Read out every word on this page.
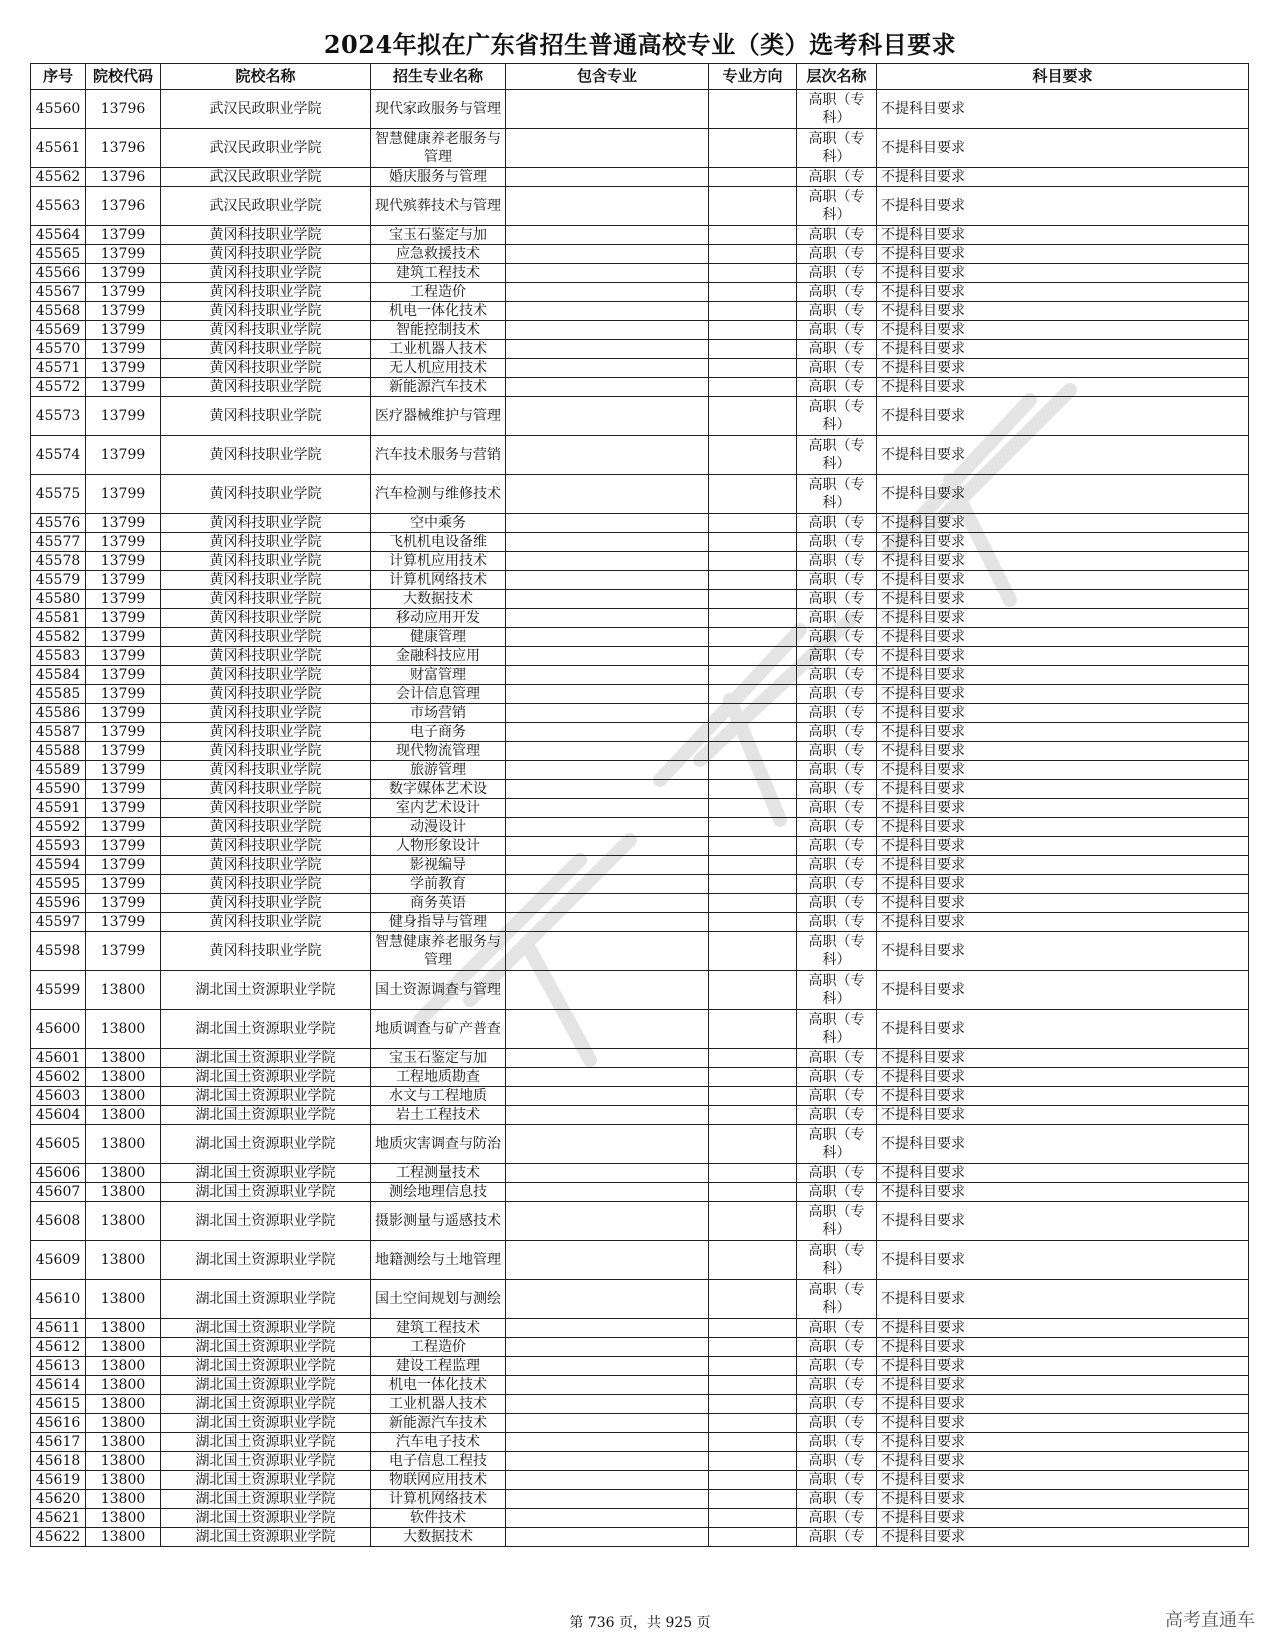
2024年拟在广东省招生普通高校专业（类）选考科目要求
序号	院校代码	院校名称	招生专业名称	包含专业	专业方向	层次名称	科目要求
45560	13796	武汉民政职业学院	现代家政服务与管理			高职（专科）	不提科目要求
45561	13796	武汉民政职业学院	智慧健康养老服务与管理			高职（专科）	不提科目要求
45562	13796	武汉民政职业学院	婚庆服务与管理			高职（专	不提科目要求
45563	13796	武汉民政职业学院	现代殡葬技术与管理			高职（专科）	不提科目要求
45564	13799	黄冈科技职业学院	宝玉石鉴定与加			高职（专	不提科目要求
45565	13799	黄冈科技职业学院	应急救援技术			高职（专	不提科目要求
45566	13799	黄冈科技职业学院	建筑工程技术			高职（专	不提科目要求
45567	13799	黄冈科技职业学院	工程造价			高职（专	不提科目要求
45568	13799	黄冈科技职业学院	机电一体化技术			高职（专	不提科目要求
45569	13799	黄冈科技职业学院	智能控制技术			高职（专	不提科目要求
45570	13799	黄冈科技职业学院	工业机器人技术			高职（专	不提科目要求
45571	13799	黄冈科技职业学院	无人机应用技术			高职（专	不提科目要求
45572	13799	黄冈科技职业学院	新能源汽车技术			高职（专	不提科目要求
45573	13799	黄冈科技职业学院	医疗器械维护与管理			高职（专科）	不提科目要求
45574	13799	黄冈科技职业学院	汽车技术服务与营销			高职（专科）	不提科目要求
45575	13799	黄冈科技职业学院	汽车检测与维修技术			高职（专科）	不提科目要求
45576	13799	黄冈科技职业学院	空中乘务			高职（专	不提科目要求
45577	13799	黄冈科技职业学院	飞机机电设备维			高职（专	不提科目要求
45578	13799	黄冈科技职业学院	计算机应用技术			高职（专	不提科目要求
45579	13799	黄冈科技职业学院	计算机网络技术			高职（专	不提科目要求
45580	13799	黄冈科技职业学院	大数据技术			高职（专	不提科目要求
45581	13799	黄冈科技职业学院	移动应用开发			高职（专	不提科目要求
45582	13799	黄冈科技职业学院	健康管理			高职（专	不提科目要求
45583	13799	黄冈科技职业学院	金融科技应用			高职（专	不提科目要求
45584	13799	黄冈科技职业学院	财富管理			高职（专	不提科目要求
45585	13799	黄冈科技职业学院	会计信息管理			高职（专	不提科目要求
45586	13799	黄冈科技职业学院	市场营销			高职（专	不提科目要求
45587	13799	黄冈科技职业学院	电子商务			高职（专	不提科目要求
45588	13799	黄冈科技职业学院	现代物流管理			高职（专	不提科目要求
45589	13799	黄冈科技职业学院	旅游管理			高职（专	不提科目要求
45590	13799	黄冈科技职业学院	数字媒体艺术设			高职（专	不提科目要求
45591	13799	黄冈科技职业学院	室内艺术设计			高职（专	不提科目要求
45592	13799	黄冈科技职业学院	动漫设计			高职（专	不提科目要求
45593	13799	黄冈科技职业学院	人物形象设计			高职（专	不提科目要求
45594	13799	黄冈科技职业学院	影视编导			高职（专	不提科目要求
45595	13799	黄冈科技职业学院	学前教育			高职（专	不提科目要求
45596	13799	黄冈科技职业学院	商务英语			高职（专	不提科目要求
45597	13799	黄冈科技职业学院	健身指导与管理			高职（专	不提科目要求
45598	13799	黄冈科技职业学院	智慧健康养老服务与管理			高职（专科）	不提科目要求
45599	13800	湖北国土资源职业学院	国土资源调查与管理			高职（专科）	不提科目要求
45600	13800	湖北国土资源职业学院	地质调查与矿产普查			高职（专科）	不提科目要求
45601	13800	湖北国土资源职业学院	宝玉石鉴定与加			高职（专	不提科目要求
45602	13800	湖北国土资源职业学院	工程地质勘查			高职（专	不提科目要求
45603	13800	湖北国土资源职业学院	水文与工程地质			高职（专	不提科目要求
45604	13800	湖北国土资源职业学院	岩土工程技术			高职（专	不提科目要求
45605	13800	湖北国土资源职业学院	地质灾害调查与防治			高职（专科）	不提科目要求
45606	13800	湖北国土资源职业学院	工程测量技术			高职（专	不提科目要求
45607	13800	湖北国土资源职业学院	测绘地理信息技			高职（专	不提科目要求
45608	13800	湖北国土资源职业学院	摄影测量与遥感技术			高职（专科）	不提科目要求
45609	13800	湖北国土资源职业学院	地籍测绘与土地管理			高职（专科）	不提科目要求
45610	13800	湖北国土资源职业学院	国土空间规划与测绘			高职（专科）	不提科目要求
45611	13800	湖北国土资源职业学院	建筑工程技术			高职（专	不提科目要求
45612	13800	湖北国土资源职业学院	工程造价			高职（专	不提科目要求
45613	13800	湖北国土资源职业学院	建设工程监理			高职（专	不提科目要求
45614	13800	湖北国土资源职业学院	机电一体化技术			高职（专	不提科目要求
45615	13800	湖北国土资源职业学院	工业机器人技术			高职（专	不提科目要求
45616	13800	湖北国土资源职业学院	新能源汽车技术			高职（专	不提科目要求
45617	13800	湖北国土资源职业学院	汽车电子技术			高职（专	不提科目要求
45618	13800	湖北国土资源职业学院	电子信息工程技			高职（专	不提科目要求
45619	13800	湖北国土资源职业学院	物联网应用技术			高职（专	不提科目要求
45620	13800	湖北国土资源职业学院	计算机网络技术			高职（专	不提科目要求
45621	13800	湖北国土资源职业学院	软件技术			高职（专	不提科目要求
45622	13800	湖北国土资源职业学院	大数据技术			高职（专	不提科目要求
第 736 页，共 925 页	高考直通车
